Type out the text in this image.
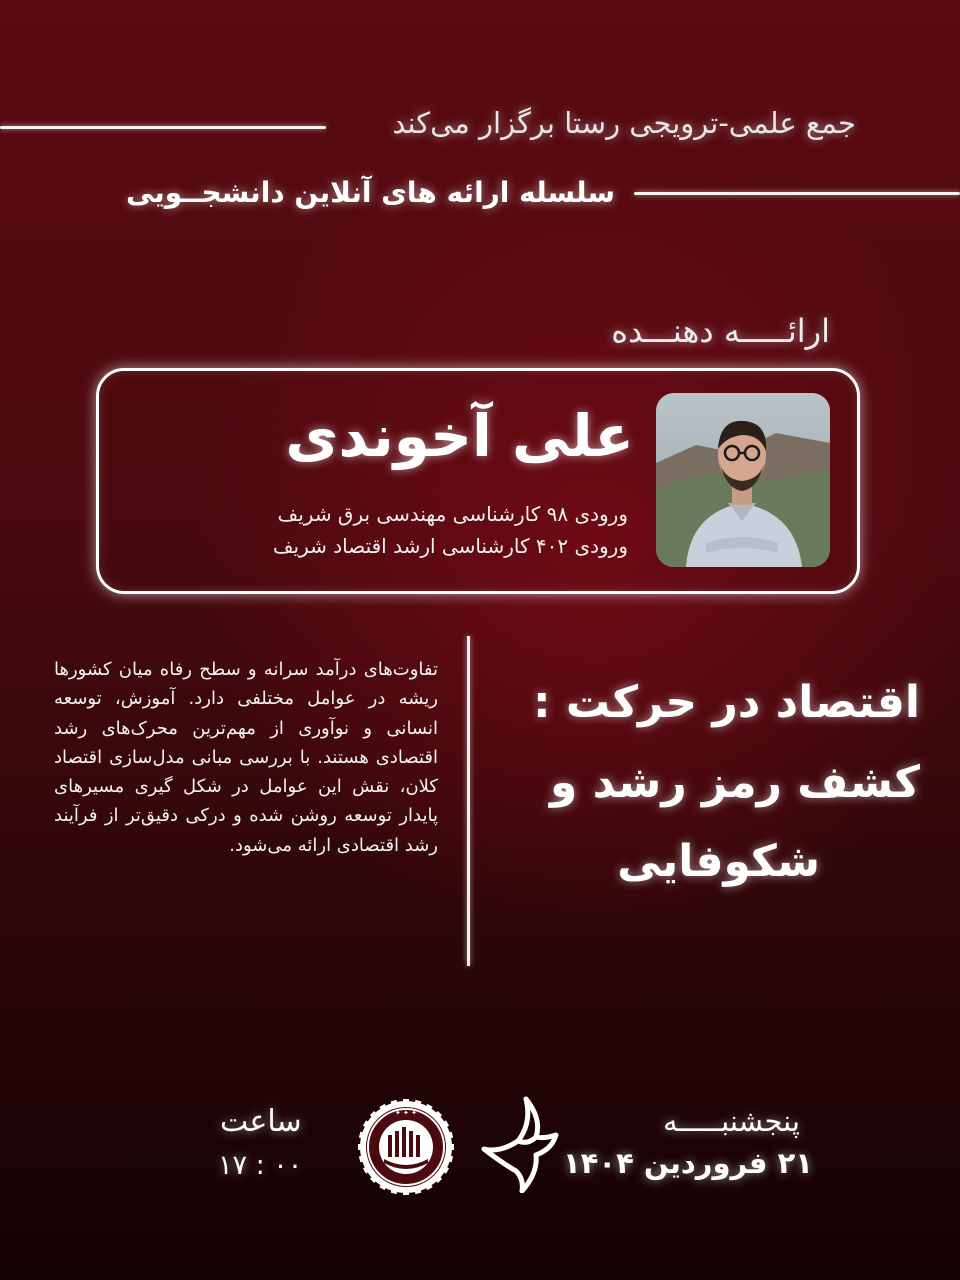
جمع علمی-ترویجی رستا برگزار می‌کند
سلسله ارائه های آنلاین دانشجــویی
ارائـــــه دهنـــده
علی آخوندی
ورودی ۹۸ کارشناسی مهندسی برق شریف
ورودی ۴۰۲ کارشناسی ارشد اقتصاد شریف
تفاوت‌های درآمد سرانه و سطح رفاه میان کشورها ریشه در عوامل مختلفی دارد. آموزش، توسعه انسانی و نوآوری از مهم‌ترین محرک‌های رشد اقتصادی هستند. با بررسی مبانی مدل‌سازی اقتصاد کلان، نقش این عوامل در شکل گیری مسیرهای پایدار توسعه روشن شده و درکی دقیق‌تر از فرآیند رشد اقتصادی ارائه می‌شود.
اقتصاد در حرکت :
کشف رمز رشد و
شکوفایی
پنجشنبـــــه
۲۱ فروردین ۱۴۰۴
✦ ✦ ✦
ساعت
۱۷ : ۰۰
